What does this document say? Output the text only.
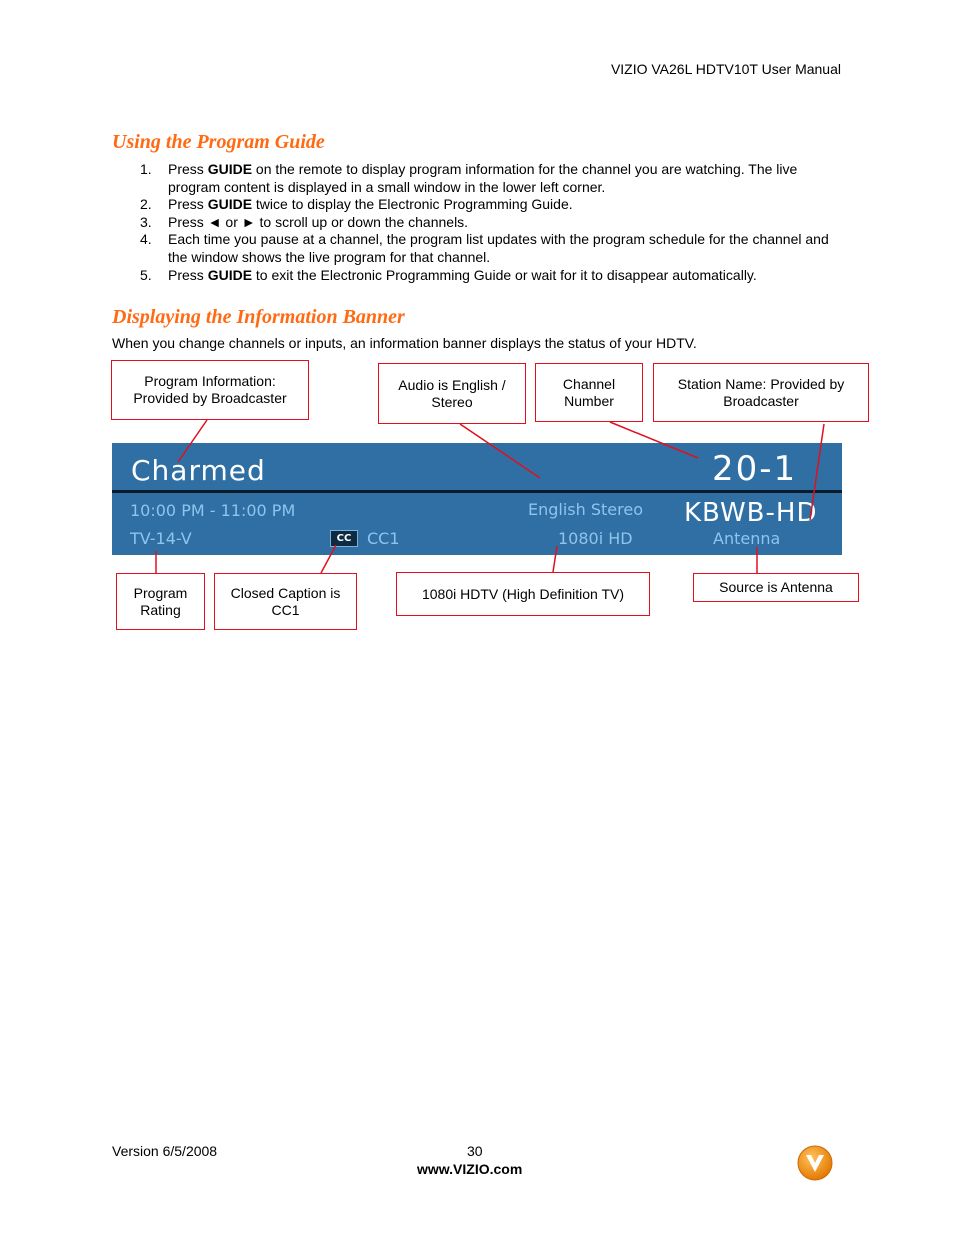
VIZIO VA26L HDTV10T User Manual
Using the Program Guide
1. Press GUIDE on the remote to display program information for the channel you are watching. The live program content is displayed in a small window in the lower left corner.
2. Press GUIDE twice to display the Electronic Programming Guide.
3. Press ◄ or ► to scroll up or down the channels.
4. Each time you pause at a channel, the program list updates with the program schedule for the channel and the window shows the live program for that channel.
5. Press GUIDE to exit the Electronic Programming Guide or wait for it to disappear automatically.
Displaying the Information Banner
When you change channels or inputs, an information banner displays the status of your HDTV.
Program Information: Provided by Broadcaster
Audio is English / Stereo
Channel Number
Station Name: Provided by Broadcaster
Charmed	20-1
10:00 PM - 11:00 PM	English Stereo KBWB-HD
TV-14-V	CC CC1	1080i HD	Antenna
Program Rating
Closed Caption is CC1
1080i HDTV (High Definition TV)	Source is Antenna
Version 6/5/2008	30
www.VIZIO.com
